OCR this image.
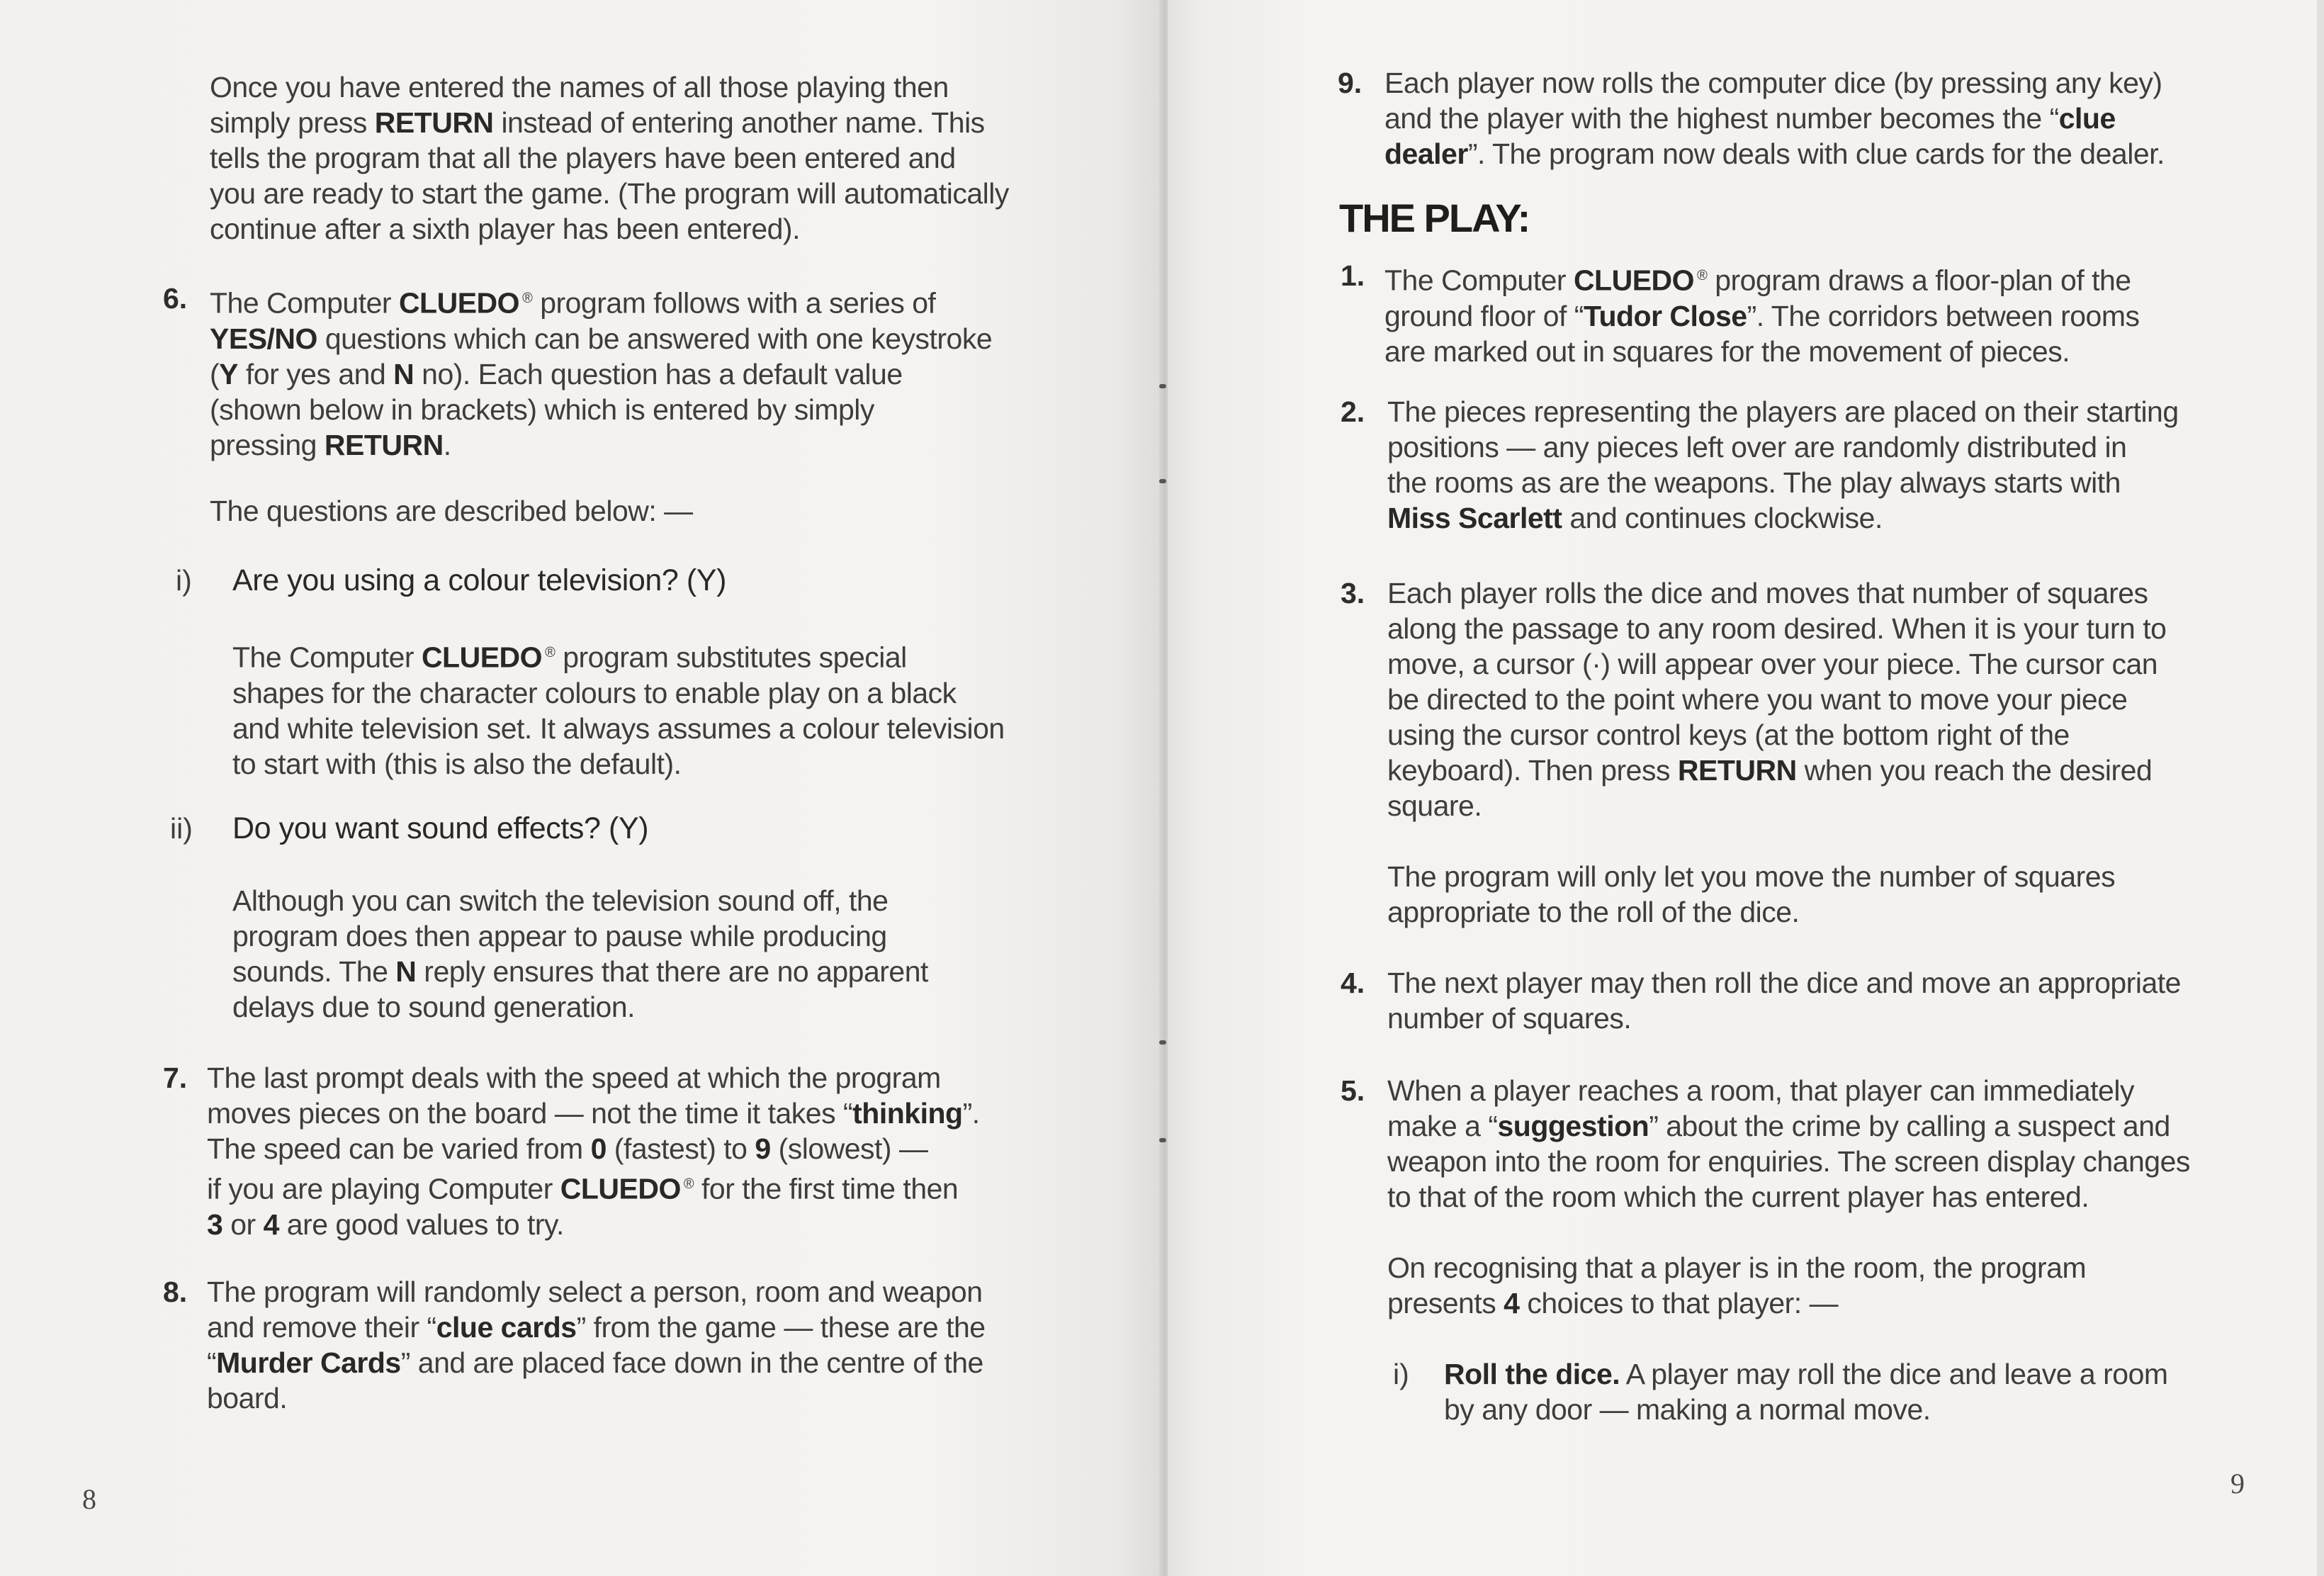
Once you have entered the names of all those playing then

simply press RETURN instead of entering another name. This

tells the program that all the players have been entered and

you are ready to start the game. (The program will automatically

continue after a sixth player has been entered).

6. The Computer CLUEDO ® program follows with a series of

YES/NO questions which can be answered with one keystroke

(Y for yes and N no). Each question has a default value

(shown below in brackets) which is entered by simply

pressing RETURN.

The questions are described below: —
i) Are you using a colour television? (Y)

The Computer CLUEDO ® program substitutes special

shapes for the character colours to enable play on a black

and white television set. It always assumes a colour television

to start with (this is also the default).

ii) Do you want sound effects? (Y)

Although you can switch the television sound off, the

program does then appear to pause while producing

sounds. The N reply ensures that there are no apparent

delays due to sound generation.

7. The last prompt deals with the speed at which the program

moves pieces on the board — not the time it takes “thinking”.

The speed can be varied from 0 (fastest) to 9 (slowest) —

if you are playing Computer CLUEDO ® for the first time then

3 or 4 are good values to try.

8. The program will randomly select a person, room and weapon

and remove their “clue cards” from the game — these are the

“Murder Cards” and are placed face down in the centre of the

board.

8
9. Each player now rolls the computer dice (by pressing any key)

and the player with the highest number becomes the “clue

dealer”. The program now deals with clue cards for the dealer.

THE PLAY:
1. The Computer CLUEDO ® program draws a floor-plan of the

ground floor of “Tudor Close”. The corridors between rooms

are marked out in squares for the movement of pieces.

2. The pieces representing the players are placed on their starting

positions — any pieces left over are randomly distributed in

the rooms as are the weapons. The play always starts with

Miss Scarlett and continues clockwise.

3. Each player rolls the dice and moves that number of squares

along the passage to any room desired. When it is your turn to

move, a cursor (·) will appear over your piece. The cursor can

be directed to the point where you want to move your piece

using the cursor control keys (at the bottom right of the

keyboard). Then press RETURN when you reach the desired

square.

The program will only let you move the number of squares

appropriate to the roll of the dice.

4. The next player may then roll the dice and move an appropriate

number of squares.

5. When a player reaches a room, that player can immediately

make a “suggestion” about the crime by calling a suspect and

weapon into the room for enquiries. The screen display changes

to that of the room which the current player has entered.

On recognising that a player is in the room, the program

presents 4 choices to that player: —

i) Roll the dice. A player may roll the dice and leave a room

by any door — making a normal move.

9
